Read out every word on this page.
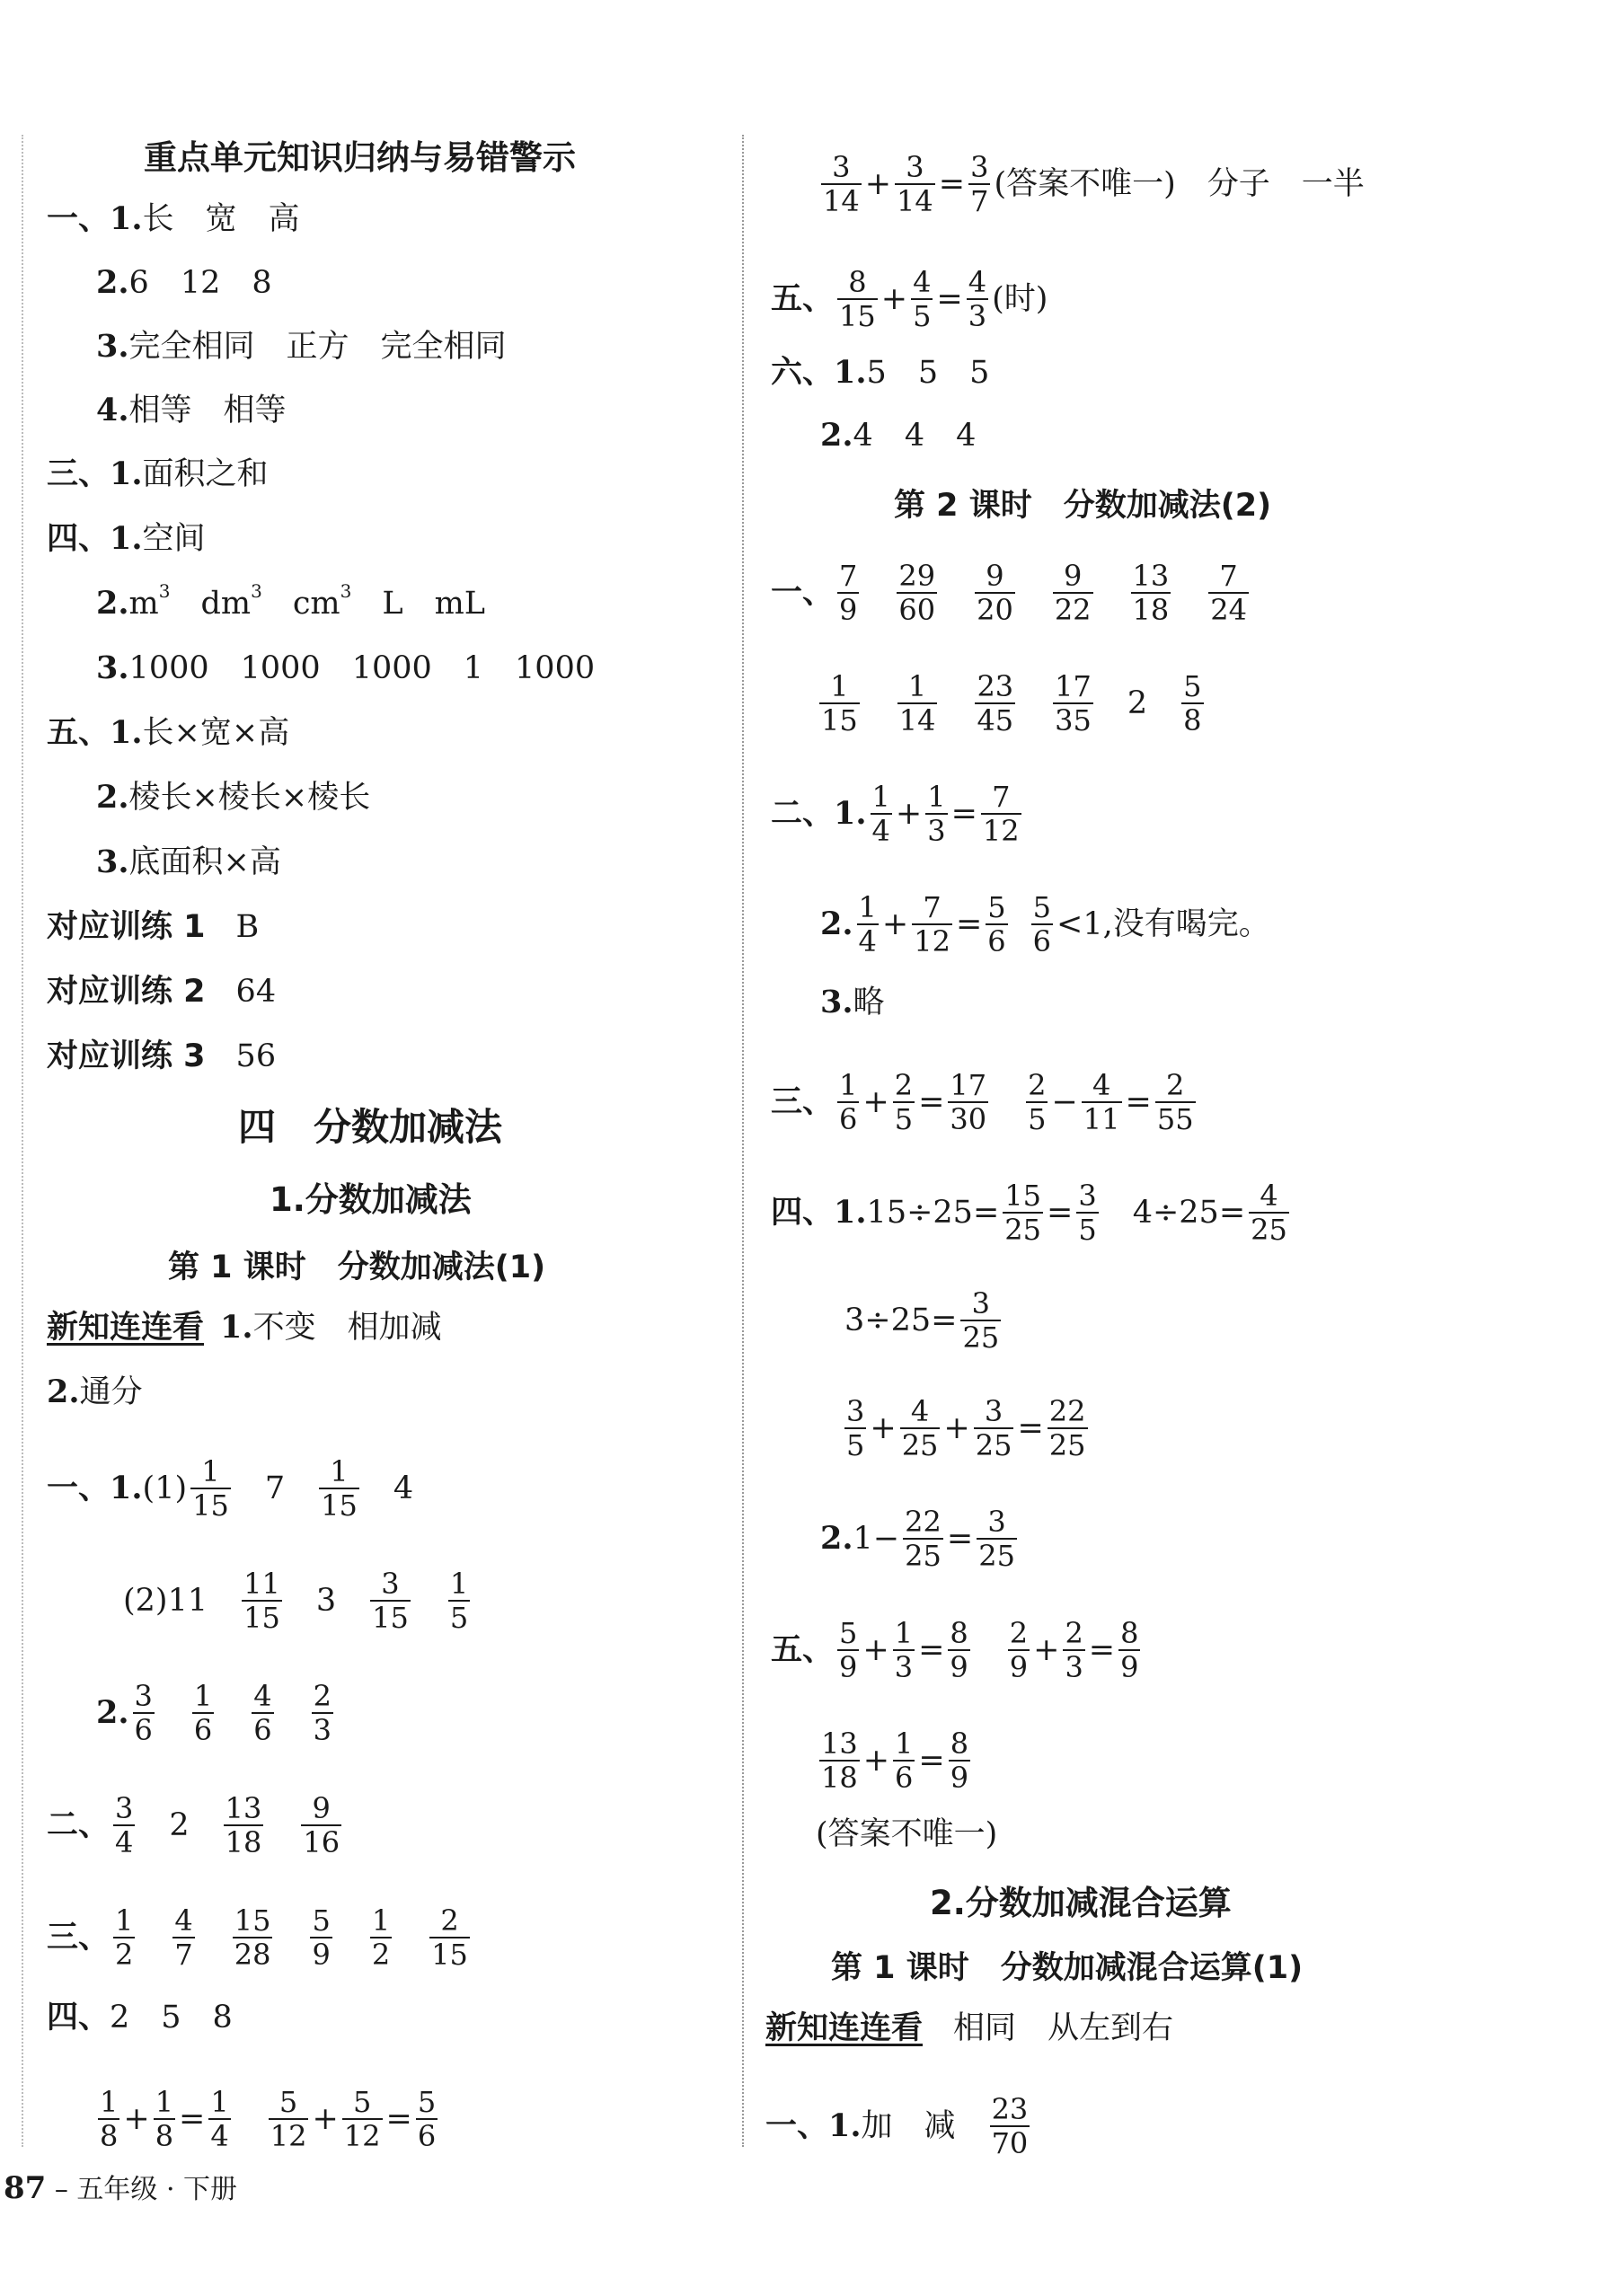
重点单元知识归纳与易错警示
一、1. 长　宽　高
2. 6　12　8
3. 完全相同　正方　完全相同
4. 相等　相等
三、1. 面积之和
四、1. 空间
2. m 3 dm 3 cm 3 L　mL
3. 1000　1000　1000　1　1000
五、1. 长×宽×高
2. 棱长×棱长×棱长
3. 底面积×高
对应训练 1 B
对应训练 2 64
对应训练 3 56
四　分数加减法
1.分数加减法
第 1 课时　分数加减法(1)
新知连连看 1. 不变　相加减
2. 通分
一、1. $(1) \frac{1}{15} 7 \frac{1}{15} 4$
$(2)11 \frac{11}{15} 3 \frac{3}{15} \frac{1}{5}$
2. $\frac{3}{6} \frac{1}{6} \frac{4}{6} \frac{2}{3}$
二、 $\frac{3}{4} 2 \frac{13}{18} \frac{9}{16}$
三、 $\frac{1}{2} \frac{4}{7} \frac{15}{28} \frac{5}{9} \frac{1}{2} \frac{2}{15}$
四、 2　5　8
$\frac{1}{8} + \frac{1}{8} = \frac{1}{4} \frac{5}{12} + \frac{5}{12} = \frac{5}{6}$
$\frac{3}{14} + \frac{3}{14} = \frac{3}{7}$ (答案不唯一)　分子　一半
五、 $\frac{8}{15} + \frac{4}{5} = \frac{4}{3}$ (时)
六、1. 5　5　5
2. 4　4　4
第 2 课时　分数加减法(2)
一、 $\frac{7}{9} \frac{29}{60} \frac{9}{20} \frac{9}{22} \frac{13}{18} \frac{7}{24}$
$\frac{1}{15} \frac{1}{14} \frac{23}{45} \frac{17}{35} 2 \frac{5}{8}$
二、1. $\frac{1}{4} + \frac{1}{3} = \frac{7}{12}$
2. $\frac{1}{4} + \frac{7}{12} = \frac{5}{6} \frac{5}{6} <1$,没有喝完。
3. 略
三、 $\frac{1}{6} + \frac{2}{5} = \frac{17}{30} \frac{2}{5} - \frac{4}{11} = \frac{2}{55}$
四、1. $15\div 25 = \frac{15}{25} = \frac{3}{5} 4\div 25 = \frac{4}{25}$
$3\div 25 = \frac{3}{25}$
$\frac{3}{5} + \frac{4}{25} + \frac{3}{25} = \frac{22}{25}$
2. $1 - \frac{22}{25} = \frac{3}{25}$
五、 $\frac{5}{9} + \frac{1}{3} = \frac{8}{9} \frac{2}{9} + \frac{2}{3} = \frac{8}{9}$
$\frac{13}{18} + \frac{1}{6} = \frac{8}{9}$
(答案不唯一)
2.分数加减混合运算
第 1 课时　分数加减混合运算(1)
新知连连看 相同　从左到右
一、1. 加　减 $\frac{23}{70}$
87 – 五年级 · 下册
